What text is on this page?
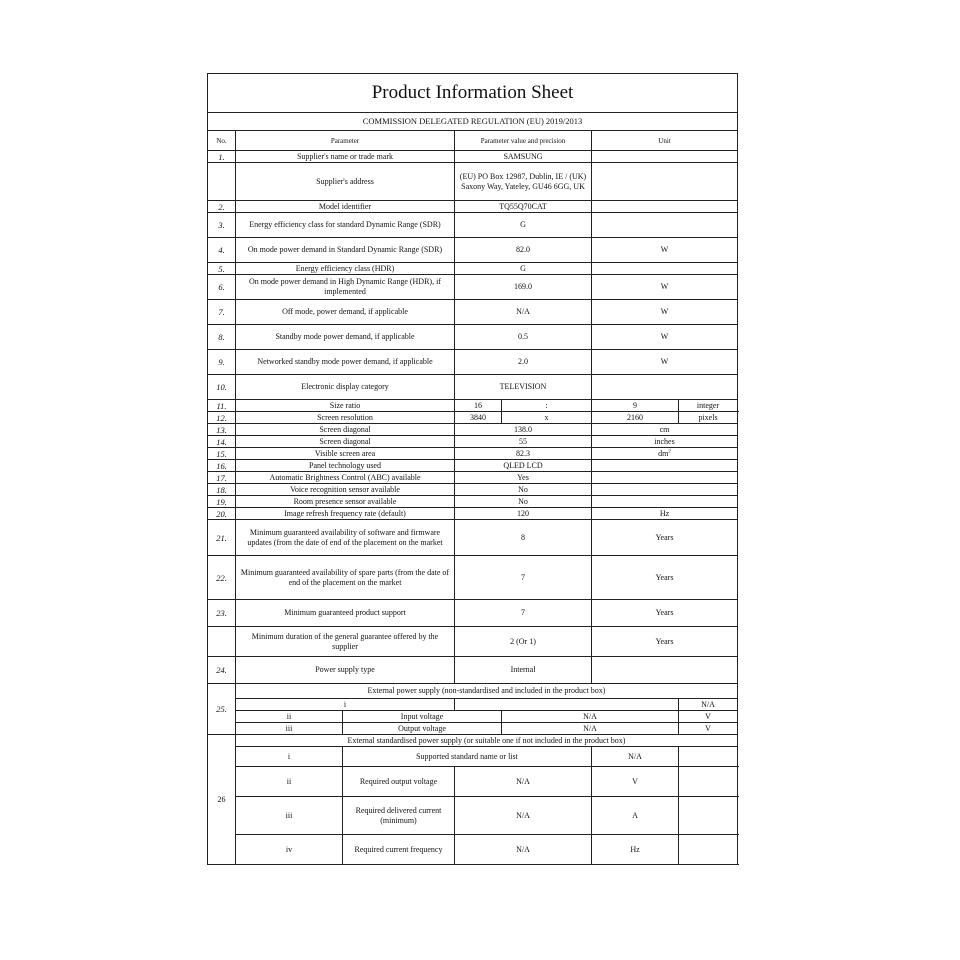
Product Information Sheet							
COMMISSION DELEGATED REGULATION (EU) 2019/2013							
No.	Parameter		Parameter value and precision		Unit		
1.	Supplier's name or trade mark		SAMSUNG				
	Supplier's address		(EU) PO Box 12987, Dublin, IE / (UK) Saxony Way, Yateley, GU46 6GG, UK				
2.	Model identifier		TQ55Q70CAT				
3.	Energy efficiency class for standard Dynamic Range (SDR)		G				
4.	On mode power demand in Standard Dynamic Range (SDR)		82.0		W		
5.	Energy efficiency class (HDR)		G				
6.	On mode power demand in High Dynamic Range (HDR), if implemented		169.0		W		
7.	Off mode, power demand, if applicable		N/A		W		
8.	Standby mode power demand, if applicable		0.5		W		
9.	Networked standby mode power demand, if applicable		2.0		W		
10.	Electronic display category		TELEVISION				
11.	Size ratio		16	:	9	integer	
12.	Screen resolution		3840	x	2160	pixels	
13.	Screen diagonal		138.0		cm		
14.	Screen diagonal		55		inches		
15.	Visible screen area		82.3		$dm^2$
16.	Panel technology used		QLED LCD				
17.	Automatic Brightness Control (ABC) available		Yes				
18.	Voice recognition sensor available		No				
19.	Room presence sensor available		No				
20.	Image refresh frequency rate (default)		120		Hz		
21.	Minimum guaranteed availability of software and firmware updates (from the date of end of the placement on the market		8		Years		
22.	Minimum guaranteed availability of spare parts (from the date of end of the placement on the market		7		Years		
23.	Minimum guaranteed product support		7		Years		
	Minimum duration of the general guarantee offered by the supplier		2 (Or 1)		Years		
24.	Power supply type		Internal				
25.	External power supply (non-standardised and included in the product box)						
	i					N/A	
	ii	Input voltage		N/A		V	
	iii	Output voltage		N/A		V	
26	External standardised power supply (or suitable one if not included in the product box)						
	i	Supported standard name or list			N/A		
	ii	Required output voltage	N/A		V		
	iii	Required delivered current (minimum)	N/A		A		
	iv	Required current frequency	N/A		Hz		
